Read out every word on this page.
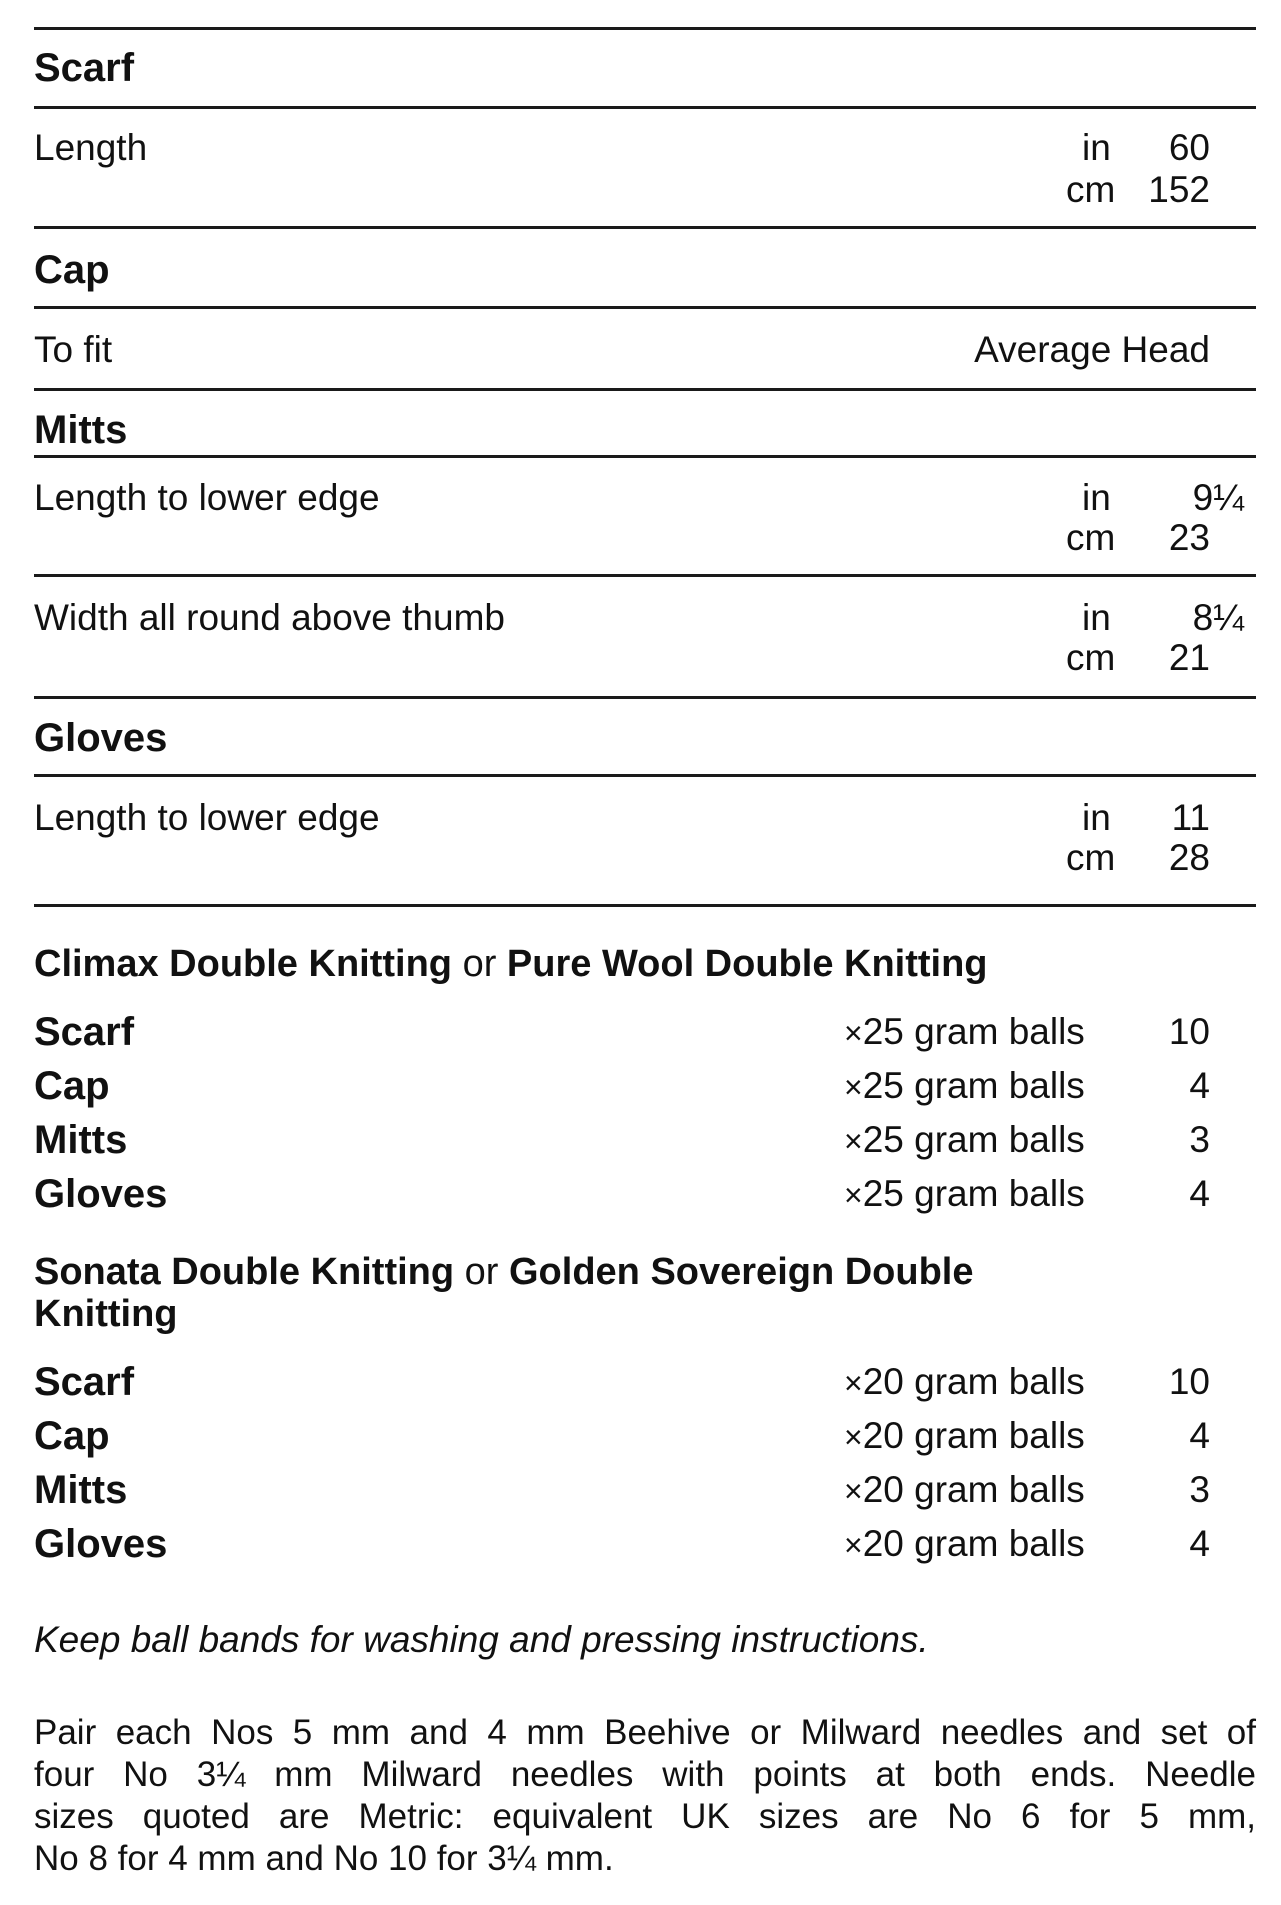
Scarf
Length	in	60
cm 152
Cap
To fit	Average Head
Mitts
Length to lower edge	in	9¼
cm	23
Width all round above thumb	in	8¼
cm	21
Gloves
Length to lower edge	in	11
cm	28
Climax Double Knitting or Pure Wool Double Knitting
Scarf	×25 gram balls	10
Cap	×25 gram balls	4
Mitts	×25 gram balls	3
Gloves	×25 gram balls	4
Sonata Double Knitting or Golden Sovereign Double
Knitting
Scarf	×20 gram balls	10
Cap	×20 gram balls	4
Mitts	×20 gram balls	3
Gloves	×20 gram balls	4
Keep ball bands for washing and pressing instructions.
Pair each Nos 5 mm and 4 mm Beehive or Milward needles and set of
four No 3¼ mm Milward needles with points at both ends. Needle
sizes quoted are Metric: equivalent UK sizes are No 6 for 5 mm,
No 8 for 4 mm and No 10 for 3¼ mm.
